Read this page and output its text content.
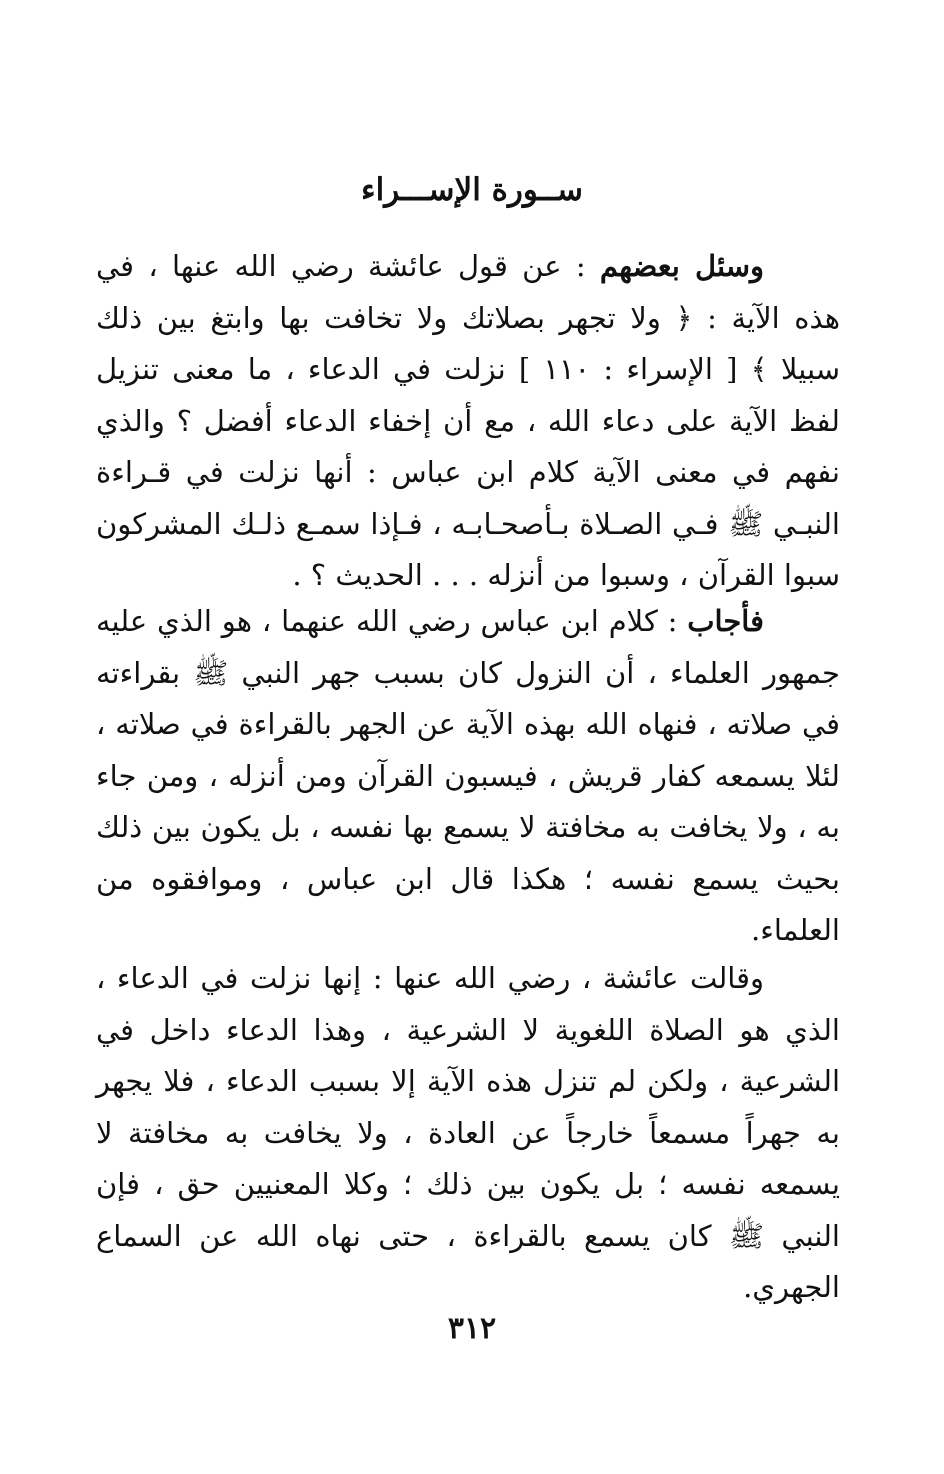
ســورة الإســـراء

وسئل بعضهم : عن قول عائشة رضي الله عنها ، في هذه الآية : ﴿ ولا تجهر بصلاتك ولا تخافت بها وابتغ بين ذلك سبيلا ﴾ [ الإسراء : ١١٠ ] نزلت في الدعاء ، ما معنى تنزيل لفظ الآية على دعاء الله ، مع أن إخفاء الدعاء أفضل ؟ والذي نفهم في معنى الآية كلام ابن عباس : أنها نزلت في قـراءة النبـي ﷺ فـي الصـلاة بـأصحـابـه ، فـإذا سمـع ذلـك المشركون سبوا القرآن ، وسبوا من أنزله . . . الحديث ؟ .

فأجاب : كلام ابن عباس رضي الله عنهما ، هو الذي عليه جمهور العلماء ، أن النزول كان بسبب جهر النبي ﷺ بقراءته في صلاته ، فنهاه الله بهذه الآية عن الجهر بالقراءة في صلاته ، لئلا يسمعه كفار قريش ، فيسبون القرآن ومن أنزله ، ومن جاء به ، ولا يخافت به مخافتة لا يسمع بها نفسه ، بل يكون بين ذلك بحيث يسمع نفسه ؛ هكذا قال ابن عباس ، وموافقوه من العلماء.

وقالت عائشة ، رضي الله عنها : إنها نزلت في الدعاء ، الذي هو الصلاة اللغوية لا الشرعية ، وهذا الدعاء داخل في الشرعية ، ولكن لم تنزل هذه الآية إلا بسبب الدعاء ، فلا يجهر به جهراً مسمعاً خارجاً عن العادة ، ولا يخافت به مخافتة لا يسمعه نفسه ؛ بل يكون بين ذلك ؛ وكلا المعنيين حق ، فإن النبي ﷺ كان يسمع بالقراءة ، حتى نهاه الله عن السماع الجهري.

٣١٢
